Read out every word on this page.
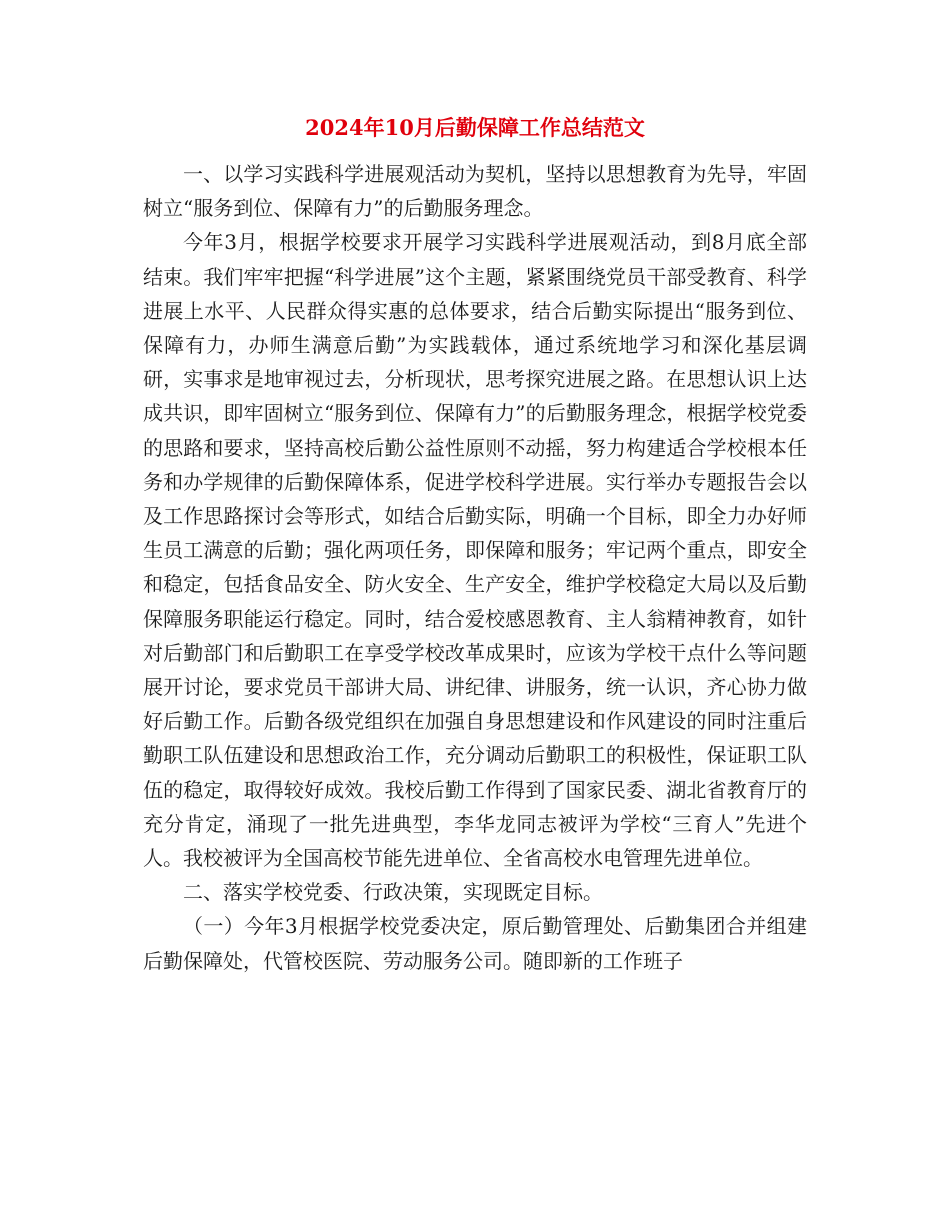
2024年10月后勤保障工作总结范文

一、以学习实践科学进展观活动为契机，坚持以思想教育为先导，牢固树立“服务到位、保障有力”的后勤服务理念。

今年3月，根据学校要求开展学习实践科学进展观活动，到8月底全部结束。我们牢牢把握“科学进展”这个主题，紧紧围绕党员干部受教育、科学进展上水平、人民群众得实惠的总体要求，结合后勤实际提出“服务到位、保障有力，办师生满意后勤”为实践载体，通过系统地学习和深化基层调研，实事求是地审视过去，分析现状，思考探究进展之路。在思想认识上达成共识，即牢固树立“服务到位、保障有力”的后勤服务理念，根据学校党委的思路和要求，坚持高校后勤公益性原则不动摇，努力构建适合学校根本任务和办学规律的后勤保障体系，促进学校科学进展。实行举办专题报告会以及工作思路探讨会等形式，如结合后勤实际，明确一个目标，即全力办好师生员工满意的后勤；强化两项任务，即保障和服务；牢记两个重点，即安全和稳定，包括食品安全、防火安全、生产安全，维护学校稳定大局以及后勤保障服务职能运行稳定。同时，结合爱校感恩教育、主人翁精神教育，如针对后勤部门和后勤职工在享受学校改革成果时，应该为学校干点什么等问题展开讨论，要求党员干部讲大局、讲纪律、讲服务，统一认识，齐心协力做好后勤工作。后勤各级党组织在加强自身思想建设和作风建设的同时注重后勤职工队伍建设和思想政治工作，充分调动后勤职工的积极性，保证职工队伍的稳定，取得较好成效。我校后勤工作得到了国家民委、湖北省教育厅的充分肯定，涌现了一批先进典型，李华龙同志被评为学校“三育人”先进个人。我校被评为全国高校节能先进单位、全省高校水电管理先进单位。

二、落实学校党委、行政决策，实现既定目标。

（一）今年3月根据学校党委决定，原后勤管理处、后勤集团合并组建后勤保障处，代管校医院、劳动服务公司。随即新的工作班子
